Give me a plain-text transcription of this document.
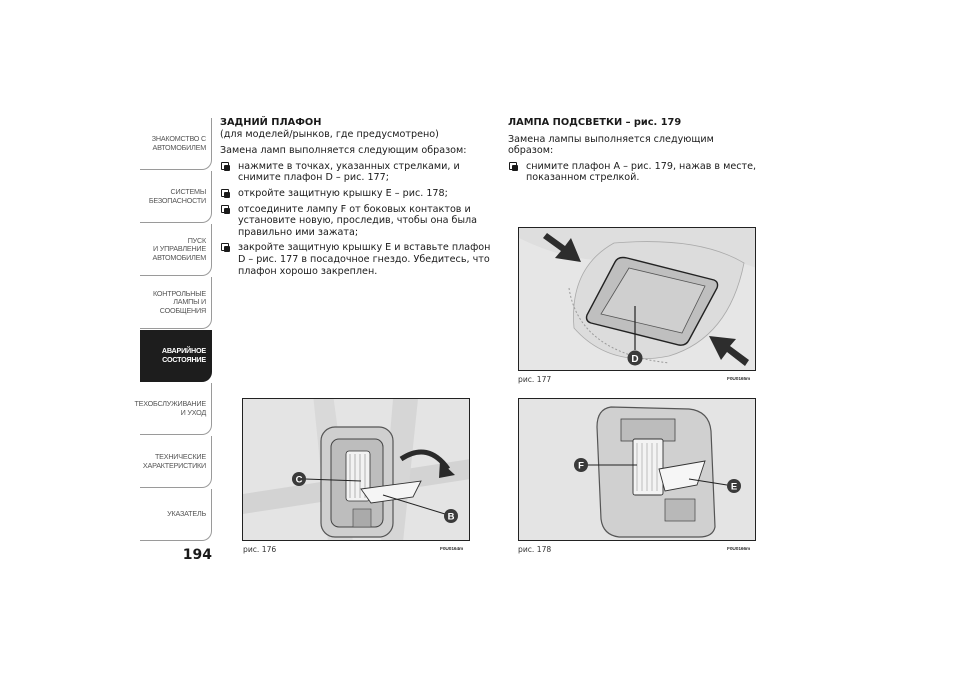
ЗНАКОМСТВО С
АВТОМОБИЛЕМ
СИСТЕМЫ
БЕЗОПАСНОСТИ
ПУСК
И УПРАВЛЕНИЕ
АВТОМОБИЛЕМ
КОНТРОЛЬНЫЕ
ЛАМПЫ И
СООБЩЕНИЯ
АВАРИЙНОЕ
СОСТОЯНИЕ
ТЕХОБСЛУЖИВАНИЕ
И УХОД
ТЕХНИЧЕСКИЕ
ХАРАКТЕРИСТИКИ
УКАЗАТЕЛЬ
194
ЗАДНИЙ ПЛАФОН
(для моделей/рынков, где предусмотрено)
Замена ламп выполняется следующим образом:
нажмите в точках, указанных стрелками, и снимите плафон D – рис. 177;
откройте защитную крышку E – рис. 178;
отсоедините лампу F от боковых контактов и установите новую, проследив, чтобы она была правильно ими зажата;
закройте защитную крышку E и вставьте плафон D – рис. 177 в посадочное гнездо. Убедитесь, что плафон хорошо закреплен.
ЛАМПА ПОДСВЕТКИ – рис. 179
Замена лампы выполняется следующим образом:
снимите плафон A – рис. 179, нажав в месте, показанном стрелкой.
C
B
рис. 176	F0U0164m
D
рис. 177	F0U0165m
F
E
рис. 178	F0U0166m
